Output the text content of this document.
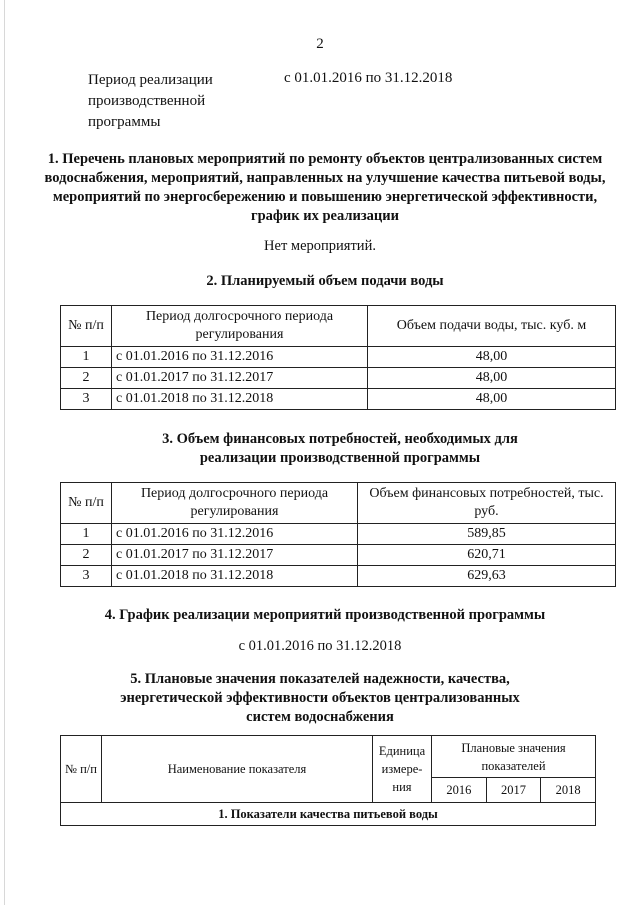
2
Период реализации производственной программы
с 01.01.2016 по 31.12.2018
1. Перечень плановых мероприятий по ремонту объектов централизованных систем водоснабжения, мероприятий, направленных на улучшение качества питьевой воды, мероприятий по энергосбережению и повышению энергетической эффективности, график их реализации
Нет мероприятий.
2. Планируемый объем подачи воды
№ п/п	Период долгосрочного периода регулирования	Объем подачи воды, тыс. куб. м
1	с 01.01.2016 по 31.12.2016	48,00
2	с 01.01.2017 по 31.12.2017	48,00
3	с 01.01.2018 по 31.12.2018	48,00
3. Объем финансовых потребностей, необходимых для реализации производственной программы
№ п/п	Период долгосрочного периода регулирования	Объем финансовых потребностей, тыс. руб.
1	с 01.01.2016 по 31.12.2016	589,85
2	с 01.01.2017 по 31.12.2017	620,71
3	с 01.01.2018 по 31.12.2018	629,63
4. График реализации мероприятий производственной программы
с 01.01.2016 по 31.12.2018
5. Плановые значения показателей надежности, качества, энергетической эффективности объектов централизованных систем водоснабжения
№ п/п	Наименование показателя	Единица измере-ния	Плановые значения показателей		
			2016	2017	2018
1. Показатели качества питьевой воды					
